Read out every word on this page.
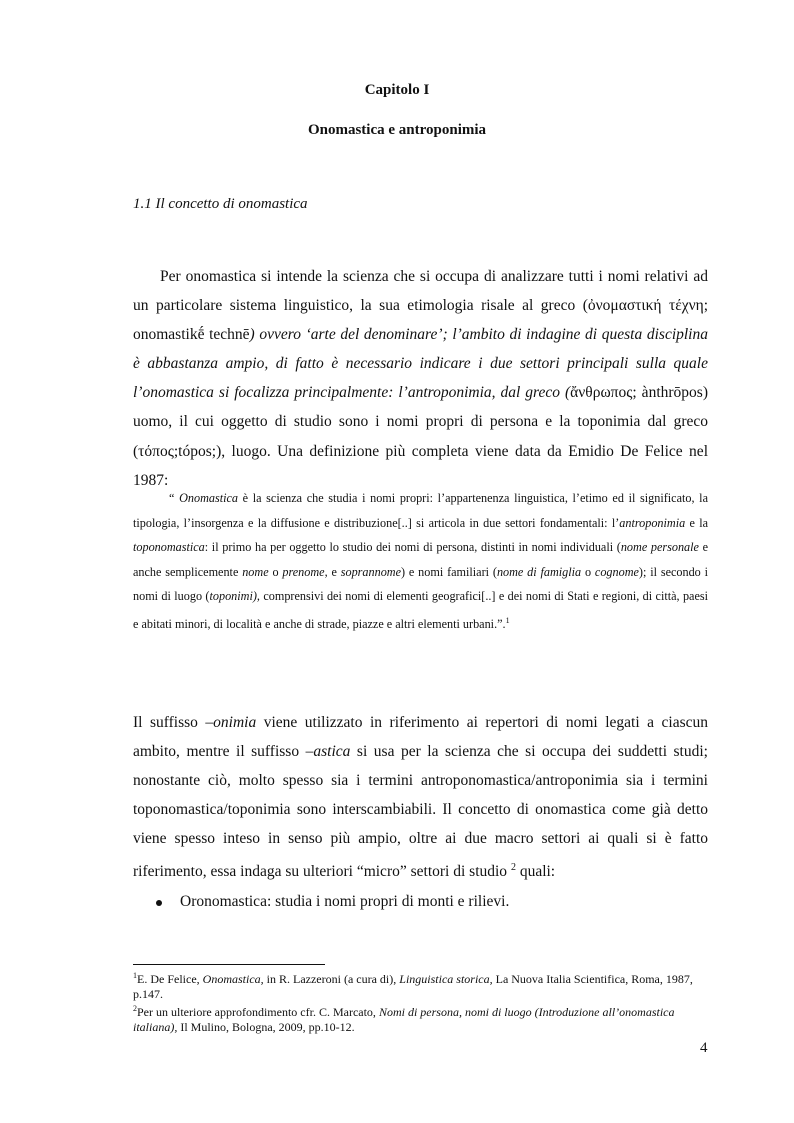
Capitolo I
Onomastica e antroponimia
1.1 Il concetto di onomastica

Per onomastica si intende la scienza che si occupa di analizzare tutti i nomi relativi ad un particolare sistema linguistico, la sua etimologia risale al greco (ὀνομαστική τέχνη; onomastikḗ technē) ovvero ‘arte del denominare’; l’ambito di indagine di questa disciplina è abbastanza ampio, di fatto è necessario indicare i due settori principali sulla quale l’onomastica si focalizza principalmente: l’antroponimia, dal greco (ἄνθρωπος; ànthrōpos) uomo, il cui oggetto di studio sono i nomi propri di persona e la toponimia dal greco (τόπος;tópos;), luogo. Una definizione più completa viene data da Emidio De Felice nel 1987:

“ Onomastica è la scienza che studia i nomi propri: l’appartenenza linguistica, l’etimo ed il significato, la tipologia, l’insorgenza e la diffusione e distribuzione[..] si articola in due settori fondamentali: l’antroponimia e la toponomastica: il primo ha per oggetto lo studio dei nomi di persona, distinti in nomi individuali (nome personale e anche semplicemente nome o prenome, e soprannome) e nomi familiari (nome di famiglia o cognome); il secondo i nomi di luogo (toponimi), comprensivi dei nomi di elementi geografici[..] e dei nomi di Stati e regioni, di città, paesi e abitati minori, di località e anche di strade, piazze e altri elementi urbani.”.$^1$

Il suffisso –onimia viene utilizzato in riferimento ai repertori di nomi legati a ciascun ambito, mentre il suffisso –astica si usa per la scienza che si occupa dei suddetti studi; nonostante ciò, molto spesso sia i termini antroponomastica/antroponimia sia i termini toponomastica/toponimia sono interscambiabili. Il concetto di onomastica come già detto viene spesso inteso in senso più ampio, oltre ai due macro settori ai quali si è fatto riferimento, essa indaga su ulteriori “micro” settori di studio $^2$ quali:

Oronomastica: studia i nomi propri di monti e rilievi.
$^1$E. De Felice, Onomastica, in R. Lazzeroni (a cura di), Linguistica storica, La Nuova Italia Scientifica, Roma, 1987, p.147.
$^2$Per un ulteriore approfondimento cfr. C. Marcato, Nomi di persona, nomi di luogo (Introduzione all’onomastica italiana), Il Mulino, Bologna, 2009, pp.10-12.
4
